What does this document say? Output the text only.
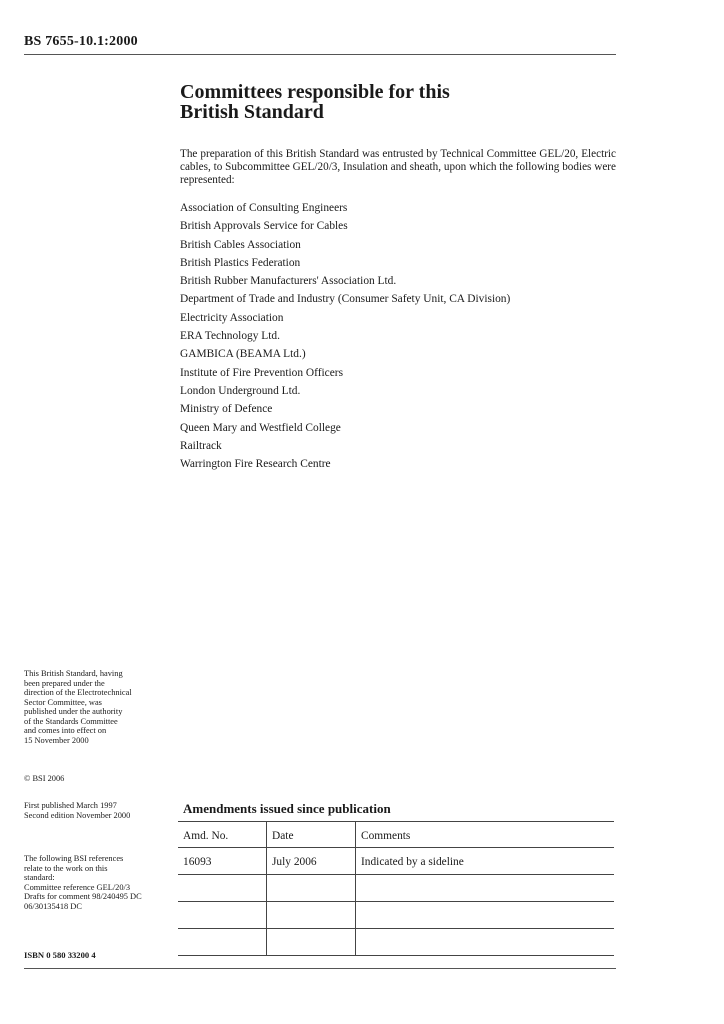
BS 7655-10.1:2000
Committees responsible for this
British Standard
The preparation of this British Standard was entrusted by Technical Committee GEL/20, Electric cables, to Subcommittee GEL/20/3, Insulation and sheath, upon which the following bodies were represented:
Association of Consulting Engineers
British Approvals Service for Cables
British Cables Association
British Plastics Federation
British Rubber Manufacturers' Association Ltd.
Department of Trade and Industry (Consumer Safety Unit, CA Division)
Electricity Association
ERA Technology Ltd.
GAMBICA (BEAMA Ltd.)
Institute of Fire Prevention Officers
London Underground Ltd.
Ministry of Defence
Queen Mary and Westfield College
Railtrack
Warrington Fire Research Centre
This British Standard, having
been prepared under the
direction of the Electrotechnical
Sector Committee, was
published under the authority
of the Standards Committee
and comes into effect on
15 November 2000
© BSI 2006
First published March 1997
Second edition November 2000
The following BSI references
relate to the work on this
standard:
Committee reference GEL/20/3
Drafts for comment 98/240495 DC
06/30135418 DC
ISBN 0 580 33200 4
Amendments issued since publication
Amd. No.	Date	Comments
16093	July 2006	Indicated by a sideline
